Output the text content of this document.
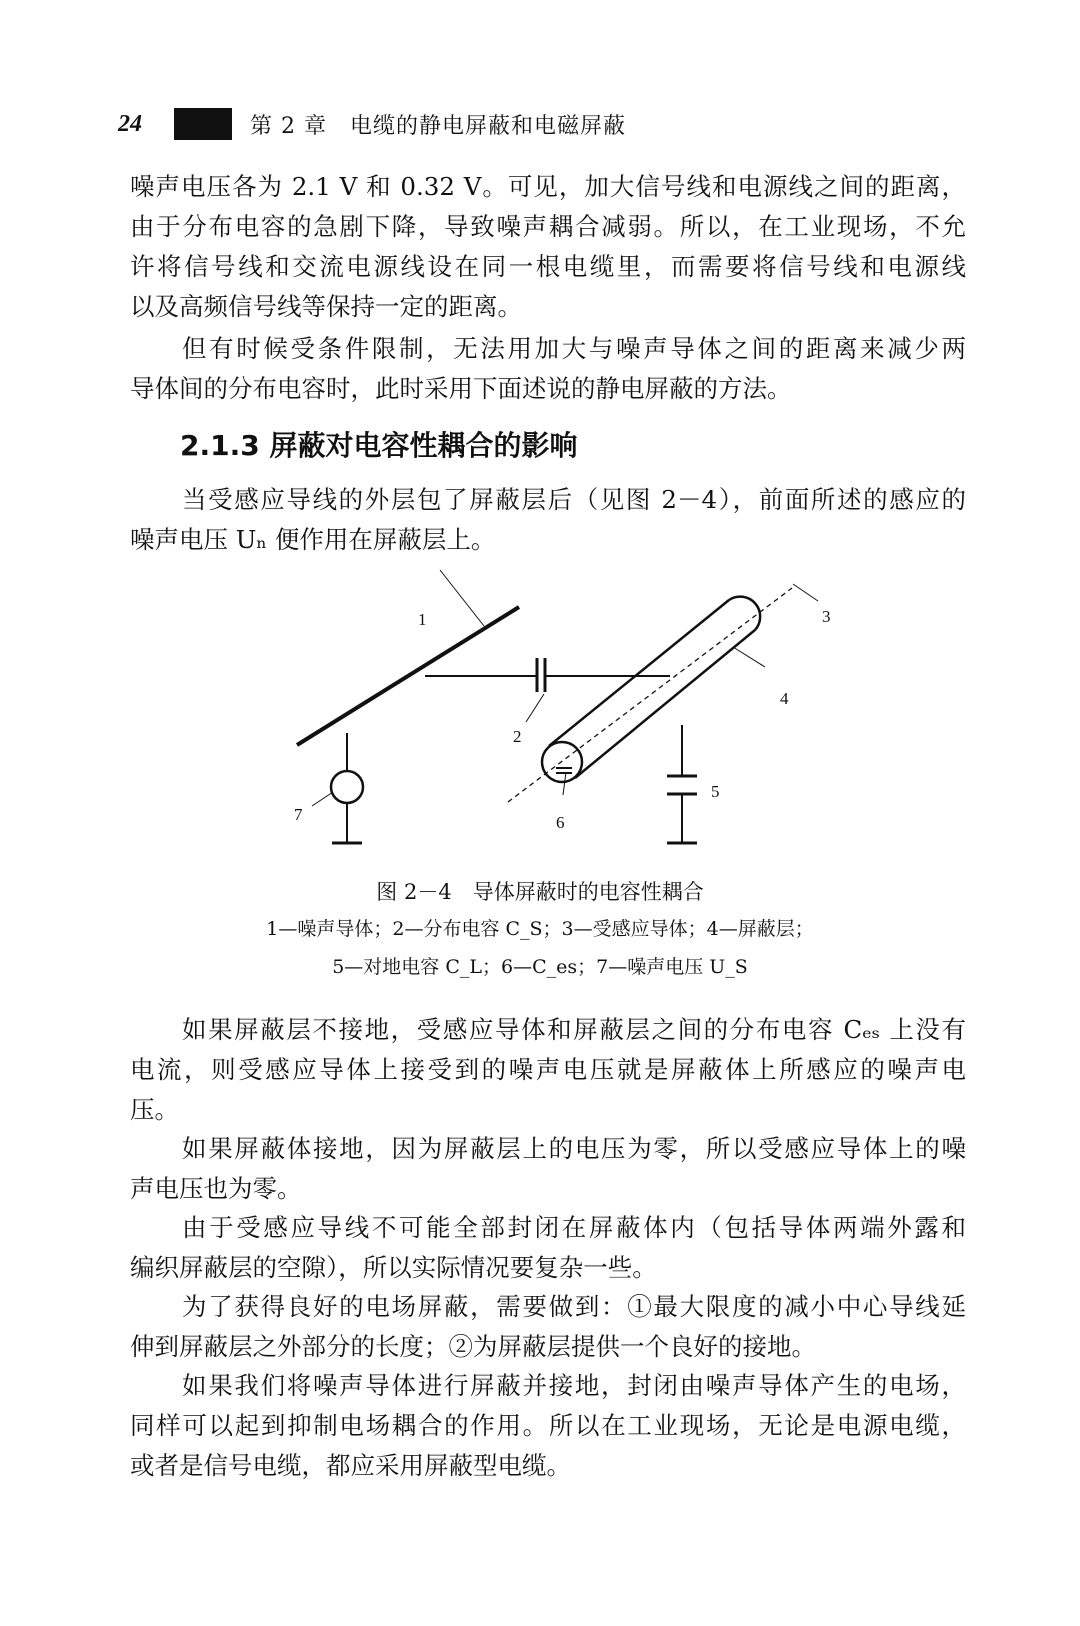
24	第 2 章　电缆的静电屏蔽和电磁屏蔽
噪声电压各为 2.1 V 和 0.32 V。可见，加大信号线和电源线之间的距离，
由于分布电容的急剧下降，导致噪声耦合减弱。所以，在工业现场，不允
许将信号线和交流电源线设在同一根电缆里，而需要将信号线和电源线
以及高频信号线等保持一定的距离。
但有时候受条件限制，无法用加大与噪声导体之间的距离来减少两
导体间的分布电容时，此时采用下面述说的静电屏蔽的方法。
2.1.3 屏蔽对电容性耦合的影响
当受感应导线的外层包了屏蔽层后（见图 2－4），前面所述的感应的
噪声电压 Uₙ 便作用在屏蔽层上。
1
2
3
4
5
6
7
图 2－4　导体屏蔽时的电容性耦合
1—噪声导体；2—分布电容 C_S；3—受感应导体；4—屏蔽层；
5—对地电容 C_L；6—C_es；7—噪声电压 U_S
如果屏蔽层不接地，受感应导体和屏蔽层之间的分布电容 Cₑₛ 上没有
电流，则受感应导体上接受到的噪声电压就是屏蔽体上所感应的噪声电
压。
如果屏蔽体接地，因为屏蔽层上的电压为零，所以受感应导体上的噪
声电压也为零。
由于受感应导线不可能全部封闭在屏蔽体内（包括导体两端外露和
编织屏蔽层的空隙），所以实际情况要复杂一些。
为了获得良好的电场屏蔽，需要做到：①最大限度的减小中心导线延
伸到屏蔽层之外部分的长度；②为屏蔽层提供一个良好的接地。
如果我们将噪声导体进行屏蔽并接地，封闭由噪声导体产生的电场，
同样可以起到抑制电场耦合的作用。所以在工业现场，无论是电源电缆，
或者是信号电缆，都应采用屏蔽型电缆。
